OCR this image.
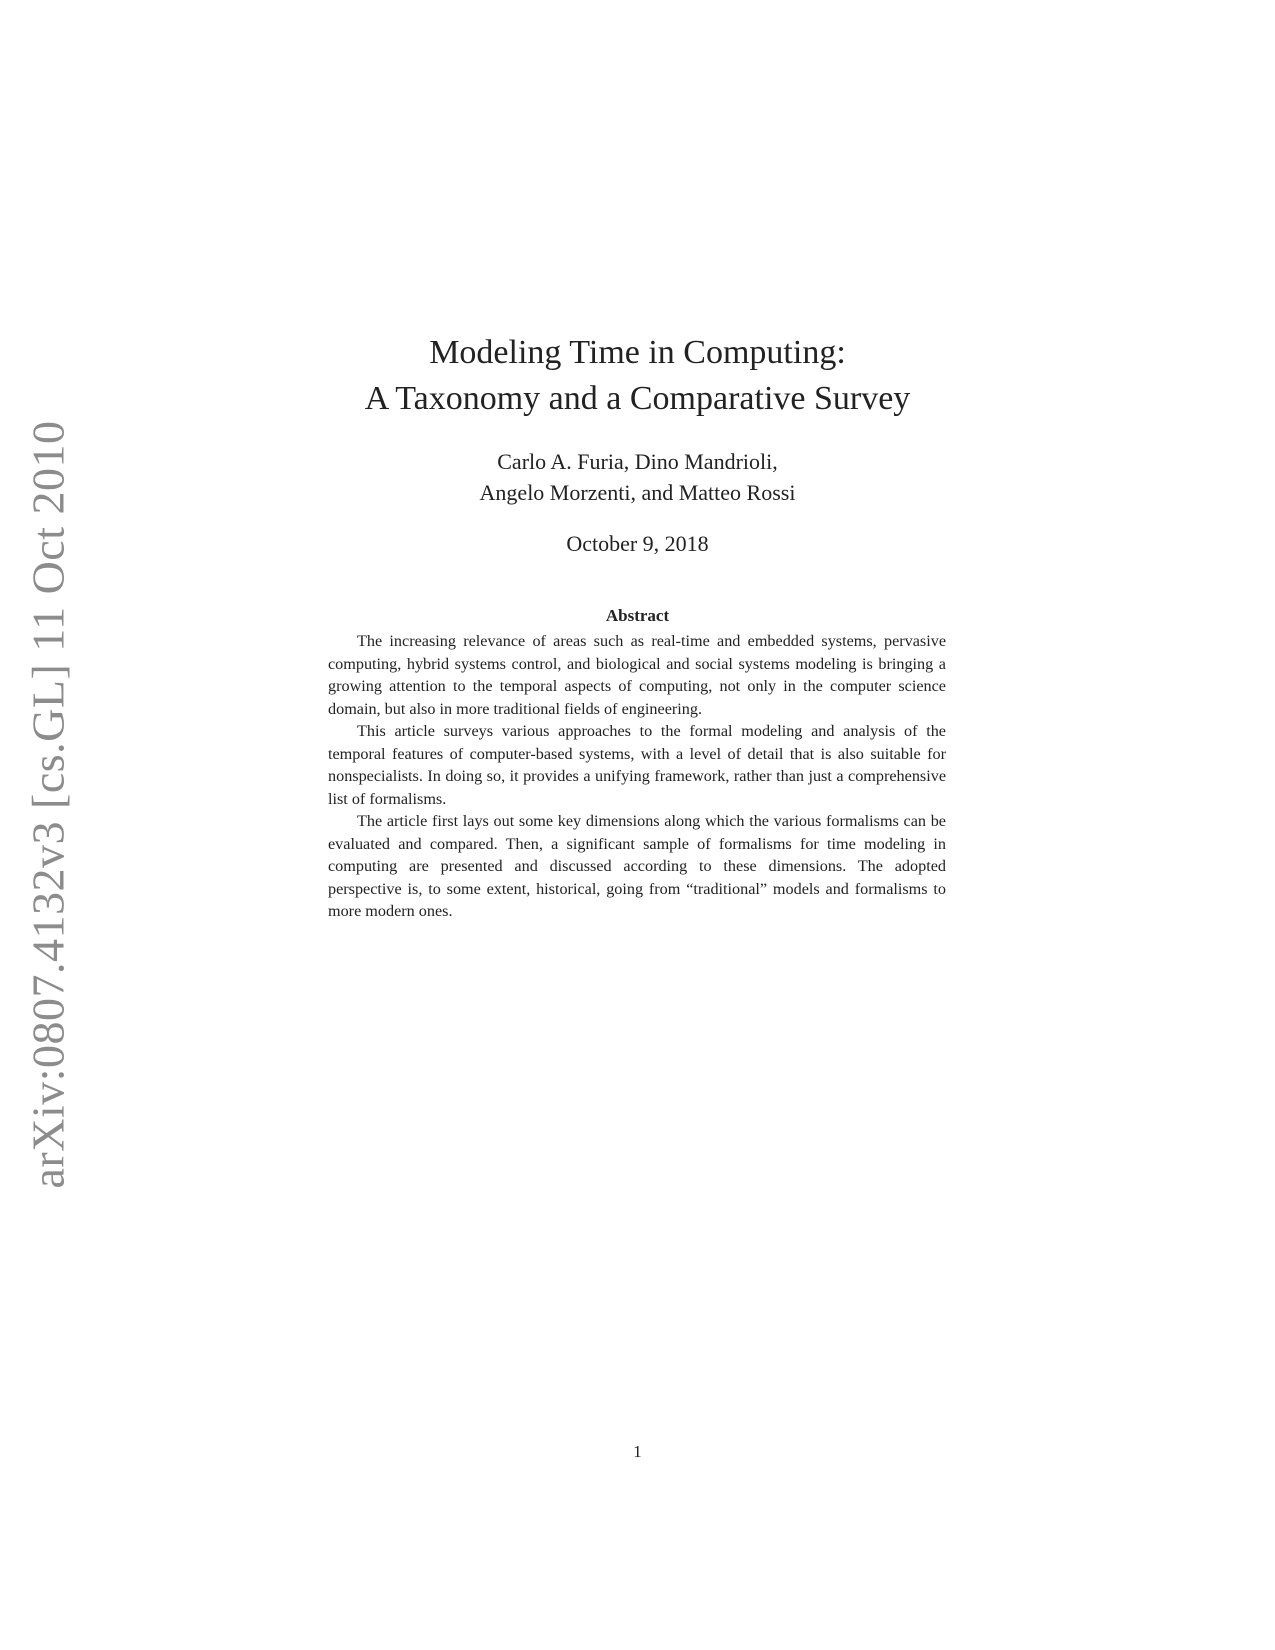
arXiv:0807.4132v3 [cs.GL] 11 Oct 2010
Modeling Time in Computing:
A Taxonomy and a Comparative Survey
Carlo A. Furia, Dino Mandrioli,
Angelo Morzenti, and Matteo Rossi
October 9, 2018
Abstract

The increasing relevance of areas such as real-time and embedded systems, pervasive computing, hybrid systems control, and biological and social systems modeling is bringing a growing attention to the temporal aspects of computing, not only in the computer science domain, but also in more traditional fields of engineering.

This article surveys various approaches to the formal modeling and analysis of the temporal features of computer-based systems, with a level of detail that is also suitable for nonspecialists. In doing so, it provides a unifying framework, rather than just a comprehensive list of formalisms.

The article first lays out some key dimensions along which the various formalisms can be evaluated and compared. Then, a significant sample of formalisms for time modeling in computing are presented and discussed according to these dimensions. The adopted perspective is, to some extent, historical, going from “traditional” models and formalisms to more modern ones.

1
